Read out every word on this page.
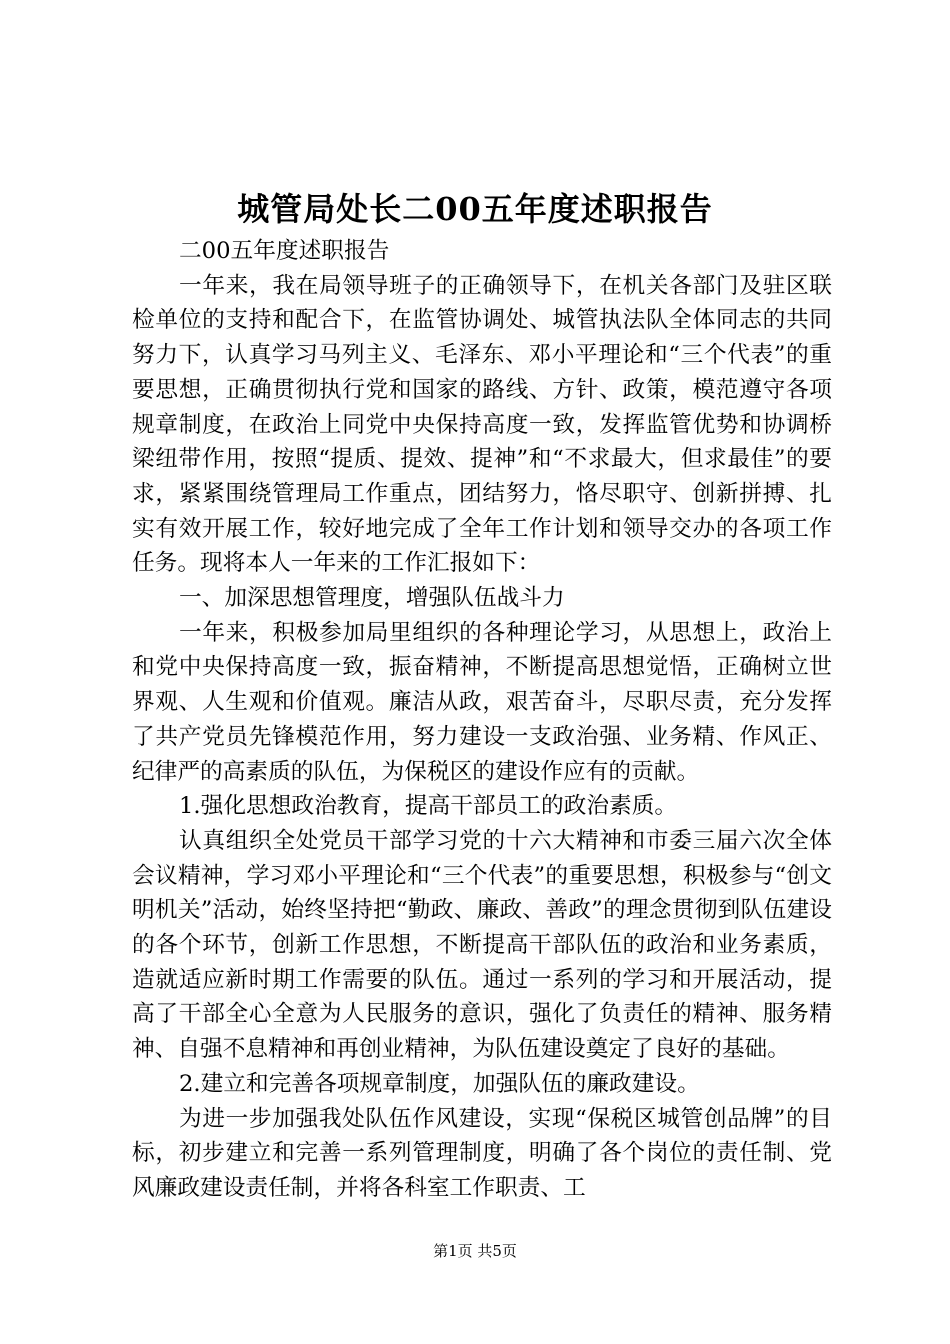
城管局处长二00五年度述职报告

二00五年度述职报告

一年来，我在局领导班子的正确领导下，在机关各部门及驻区联检单位的支持和配合下，在监管协调处、城管执法队全体同志的共同努力下，认真学习马列主义、毛泽东、邓小平理论和“三个代表”的重要思想，正确贯彻执行党和国家的路线、方针、政策，模范遵守各项规章制度，在政治上同党中央保持高度一致，发挥监管优势和协调桥梁纽带作用，按照“提质、提效、提神”和“不求最大，但求最佳”的要求，紧紧围绕管理局工作重点，团结努力，恪尽职守、创新拼搏、扎实有效开展工作，较好地完成了全年工作计划和领导交办的各项工作任务。现将本人一年来的工作汇报如下：

一、加深思想管理度，增强队伍战斗力

一年来，积极参加局里组织的各种理论学习，从思想上，政治上和党中央保持高度一致，振奋精神，不断提高思想觉悟，正确树立世界观、人生观和价值观。廉洁从政，艰苦奋斗，尽职尽责，充分发挥了共产党员先锋模范作用，努力建设一支政治强、业务精、作风正、纪律严的高素质的队伍，为保税区的建设作应有的贡献。

1.强化思想政治教育，提高干部员工的政治素质。

认真组织全处党员干部学习党的十六大精神和市委三届六次全体会议精神，学习邓小平理论和“三个代表”的重要思想，积极参与“创文明机关”活动，始终坚持把“勤政、廉政、善政”的理念贯彻到队伍建设的各个环节，创新工作思想，不断提高干部队伍的政治和业务素质，造就适应新时期工作需要的队伍。通过一系列的学习和开展活动，提高了干部全心全意为人民服务的意识，强化了负责任的精神、服务精神、自强不息精神和再创业精神，为队伍建设奠定了良好的基础。

2.建立和完善各项规章制度，加强队伍的廉政建设。

为进一步加强我处队伍作风建设，实现“保税区城管创品牌”的目标，初步建立和完善一系列管理制度，明确了各个岗位的责任制、党风廉政建设责任制，并将各科室工作职责、工

第1页 共5页
